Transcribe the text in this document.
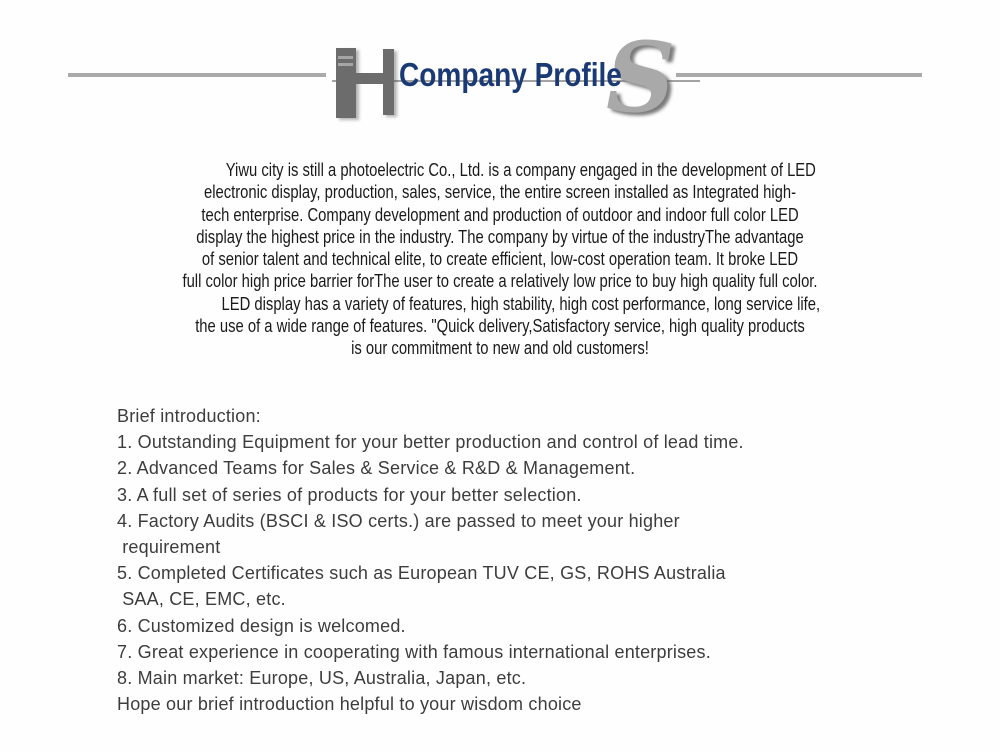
S
Company Profile
Yiwu city is still a photoelectric Co., Ltd. is a company engaged in the development of LED
electronic display, production, sales, service, the entire screen installed as Integrated high-
tech enterprise. Company development and production of outdoor and indoor full color LED
display the highest price in the industry. The company by virtue of the industryThe advantage
of senior talent and technical elite, to create efficient, low-cost operation team. It broke LED
full color high price barrier forThe user to create a relatively low price to buy high quality full color.
LED display has a variety of features, high stability, high cost performance, long service life,
the use of a wide range of features. "Quick delivery,Satisfactory service, high quality products
is our commitment to new and old customers!
Brief introduction:
1. Outstanding Equipment for your better production and control of lead time.
2. Advanced Teams for Sales & Service & R&D & Management.
3. A full set of series of products for your better selection.
4. Factory Audits (BSCI & ISO certs.) are passed to meet your higher
requirement
5. Completed Certificates such as European TUV CE, GS, ROHS Australia
SAA, CE, EMC, etc.
6. Customized design is welcomed.
7. Great experience in cooperating with famous international enterprises.
8. Main market: Europe, US, Australia, Japan, etc.
Hope our brief introduction helpful to your wisdom choice
